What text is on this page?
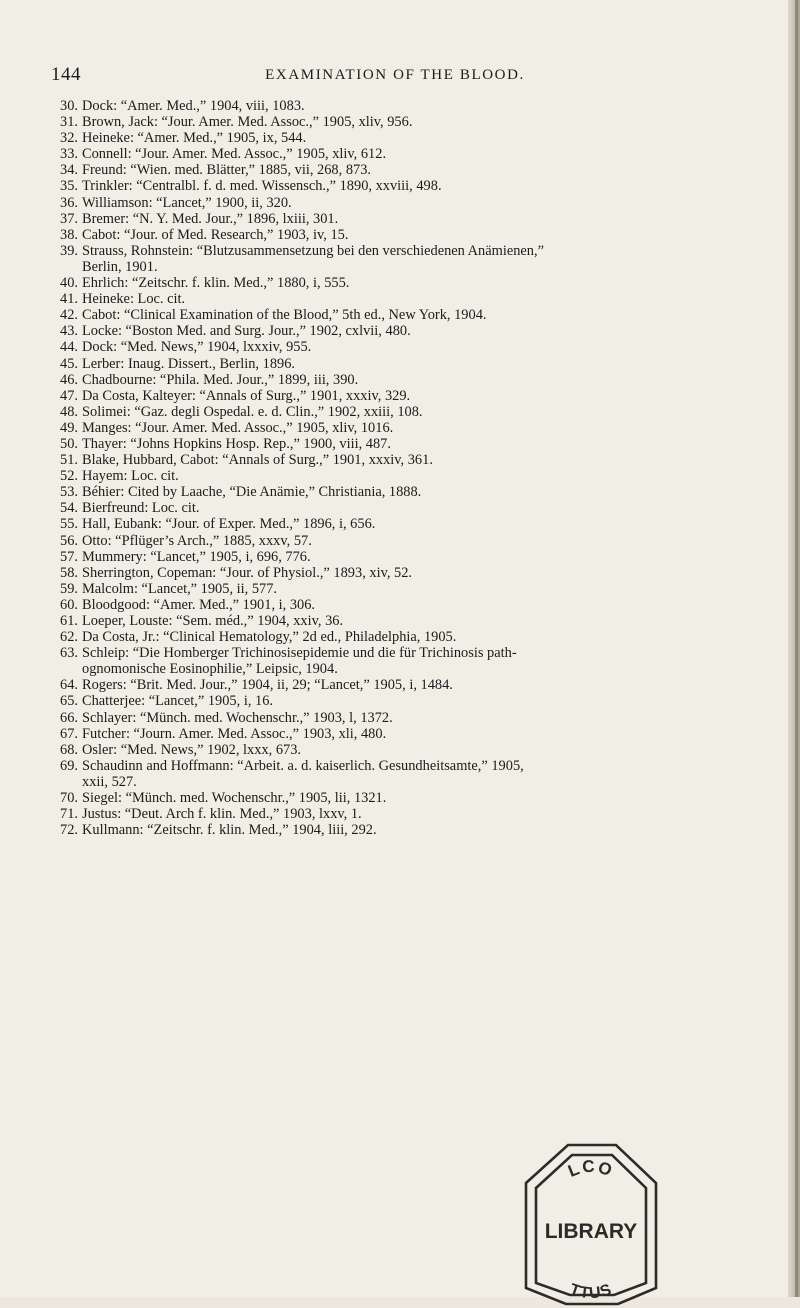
144	EXAMINATION OF THE BLOOD.
30. Dock: “Amer. Med.,” 1904, viii, 1083.
31. Brown, Jack: “Jour. Amer. Med. Assoc.,” 1905, xliv, 956.
32. Heineke: “Amer. Med.,” 1905, ix, 544.
33. Connell: “Jour. Amer. Med. Assoc.,” 1905, xliv, 612.
34. Freund: “Wien. med. Blätter,” 1885, vii, 268, 873.
35. Trinkler: “Centralbl. f. d. med. Wissensch.,” 1890, xxviii, 498.
36. Williamson: “Lancet,” 1900, ii, 320.
37. Bremer: “N. Y. Med. Jour.,” 1896, lxiii, 301.
38. Cabot: “Jour. of Med. Research,” 1903, iv, 15.
39. Strauss, Rohnstein: “Blutzusammensetzung bei den verschiedenen Anämienen,”
Berlin, 1901.
40. Ehrlich: “Zeitschr. f. klin. Med.,” 1880, i, 555.
41. Heineke: Loc. cit.
42. Cabot: “Clinical Examination of the Blood,” 5th ed., New York, 1904.
43. Locke: “Boston Med. and Surg. Jour.,” 1902, cxlvii, 480.
44. Dock: “Med. News,” 1904, lxxxiv, 955.
45. Lerber: Inaug. Dissert., Berlin, 1896.
46. Chadbourne: “Phila. Med. Jour.,” 1899, iii, 390.
47. Da Costa, Kalteyer: “Annals of Surg.,” 1901, xxxiv, 329.
48. Solimei: “Gaz. degli Ospedal. e. d. Clin.,” 1902, xxiii, 108.
49. Manges: “Jour. Amer. Med. Assoc.,” 1905, xliv, 1016.
50. Thayer: “Johns Hopkins Hosp. Rep.,” 1900, viii, 487.
51. Blake, Hubbard, Cabot: “Annals of Surg.,” 1901, xxxiv, 361.
52. Hayem: Loc. cit.
53. Béhier: Cited by Laache, “Die Anämie,” Christiania, 1888.
54. Bierfreund: Loc. cit.
55. Hall, Eubank: “Jour. of Exper. Med.,” 1896, i, 656.
56. Otto: “Pflüger’s Arch.,” 1885, xxxv, 57.
57. Mummery: “Lancet,” 1905, i, 696, 776.
58. Sherrington, Copeman: “Jour. of Physiol.,” 1893, xiv, 52.
59. Malcolm: “Lancet,” 1905, ii, 577.
60. Bloodgood: “Amer. Med.,” 1901, i, 306.
61. Loeper, Louste: “Sem. méd.,” 1904, xxiv, 36.
62. Da Costa, Jr.: “Clinical Hematology,” 2d ed., Philadelphia, 1905.
63. Schleip: “Die Homberger Trichinosisepidemie und die für Trichinosis path-
ognomonische Eosinophilie,” Leipsic, 1904.
64. Rogers: “Brit. Med. Jour.,” 1904, ii, 29; “Lancet,” 1905, i, 1484.
65. Chatterjee: “Lancet,” 1905, i, 16.
66. Schlayer: “Münch. med. Wochenschr.,” 1903, l, 1372.
67. Futcher: “Journ. Amer. Med. Assoc.,” 1903, xli, 480.
68. Osler: “Med. News,” 1902, lxxx, 673.
69. Schaudinn and Hoffmann: “Arbeit. a. d. kaiserlich. Gesundheitsamte,” 1905,
xxii, 527.
70. Siegel: “Münch. med. Wochenschr.,” 1905, lii, 1321.
71. Justus: “Deut. Arch f. klin. Med.,” 1903, lxxv, 1.
72. Kullmann: “Zeitschr. f. klin. Med.,” 1904, liii, 292.
LCO
LIBRARY
TTUS
